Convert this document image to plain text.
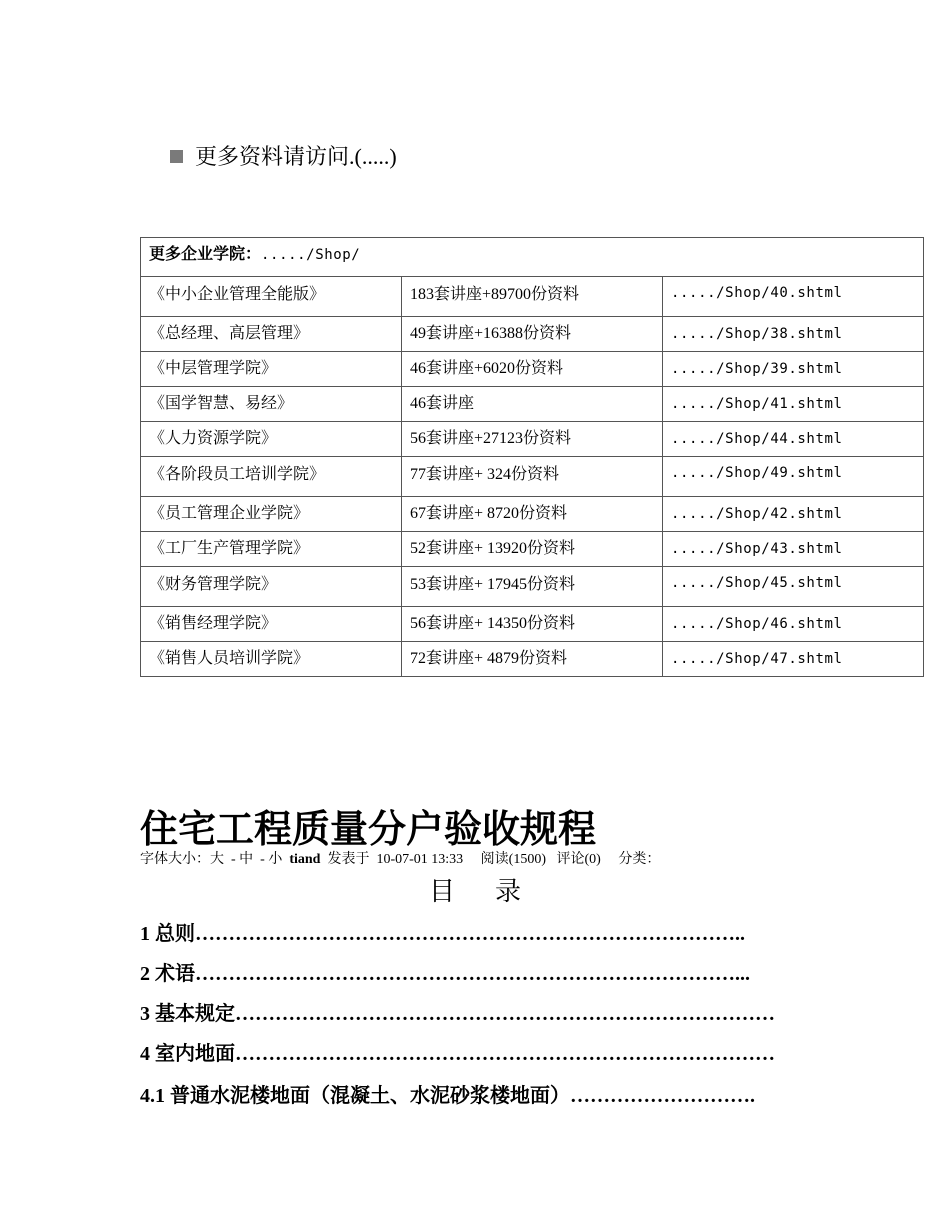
更多资料请访问.(.....)
更多企业学院：...../Shop/		
《中小企业管理全能版》	183套讲座+89700份资料	...../Shop/40.shtml
《总经理、高层管理》	49套讲座+16388份资料	...../Shop/38.shtml
《中层管理学院》	46套讲座+6020份资料	...../Shop/39.shtml
《国学智慧、易经》	46套讲座	...../Shop/41.shtml
《人力资源学院》	56套讲座+27123份资料	...../Shop/44.shtml
《各阶段员工培训学院》	77套讲座+ 324份资料	...../Shop/49.shtml
《员工管理企业学院》	67套讲座+ 8720份资料	...../Shop/42.shtml
《工厂生产管理学院》	52套讲座+ 13920份资料	...../Shop/43.shtml
《财务管理学院》	53套讲座+ 17945份资料	...../Shop/45.shtml
《销售经理学院》	56套讲座+ 14350份资料	...../Shop/46.shtml
《销售人员培训学院》	72套讲座+ 4879份资料	...../Shop/47.shtml
住宅工程质量分户验收规程
字体大小：大  - 中  - 小  tiand  发表于  10-07-01 13:33     阅读(1500)   评论(0)     分类：
目录
1 总则………………………………………………………………………..
2 术语………………………………………………………………………...
3 基本规定………………………………………………………………………
4 室内地面………………………………………………………………………
4.1 普通水泥楼地面（混凝土、水泥砂浆楼地面）……………………….
